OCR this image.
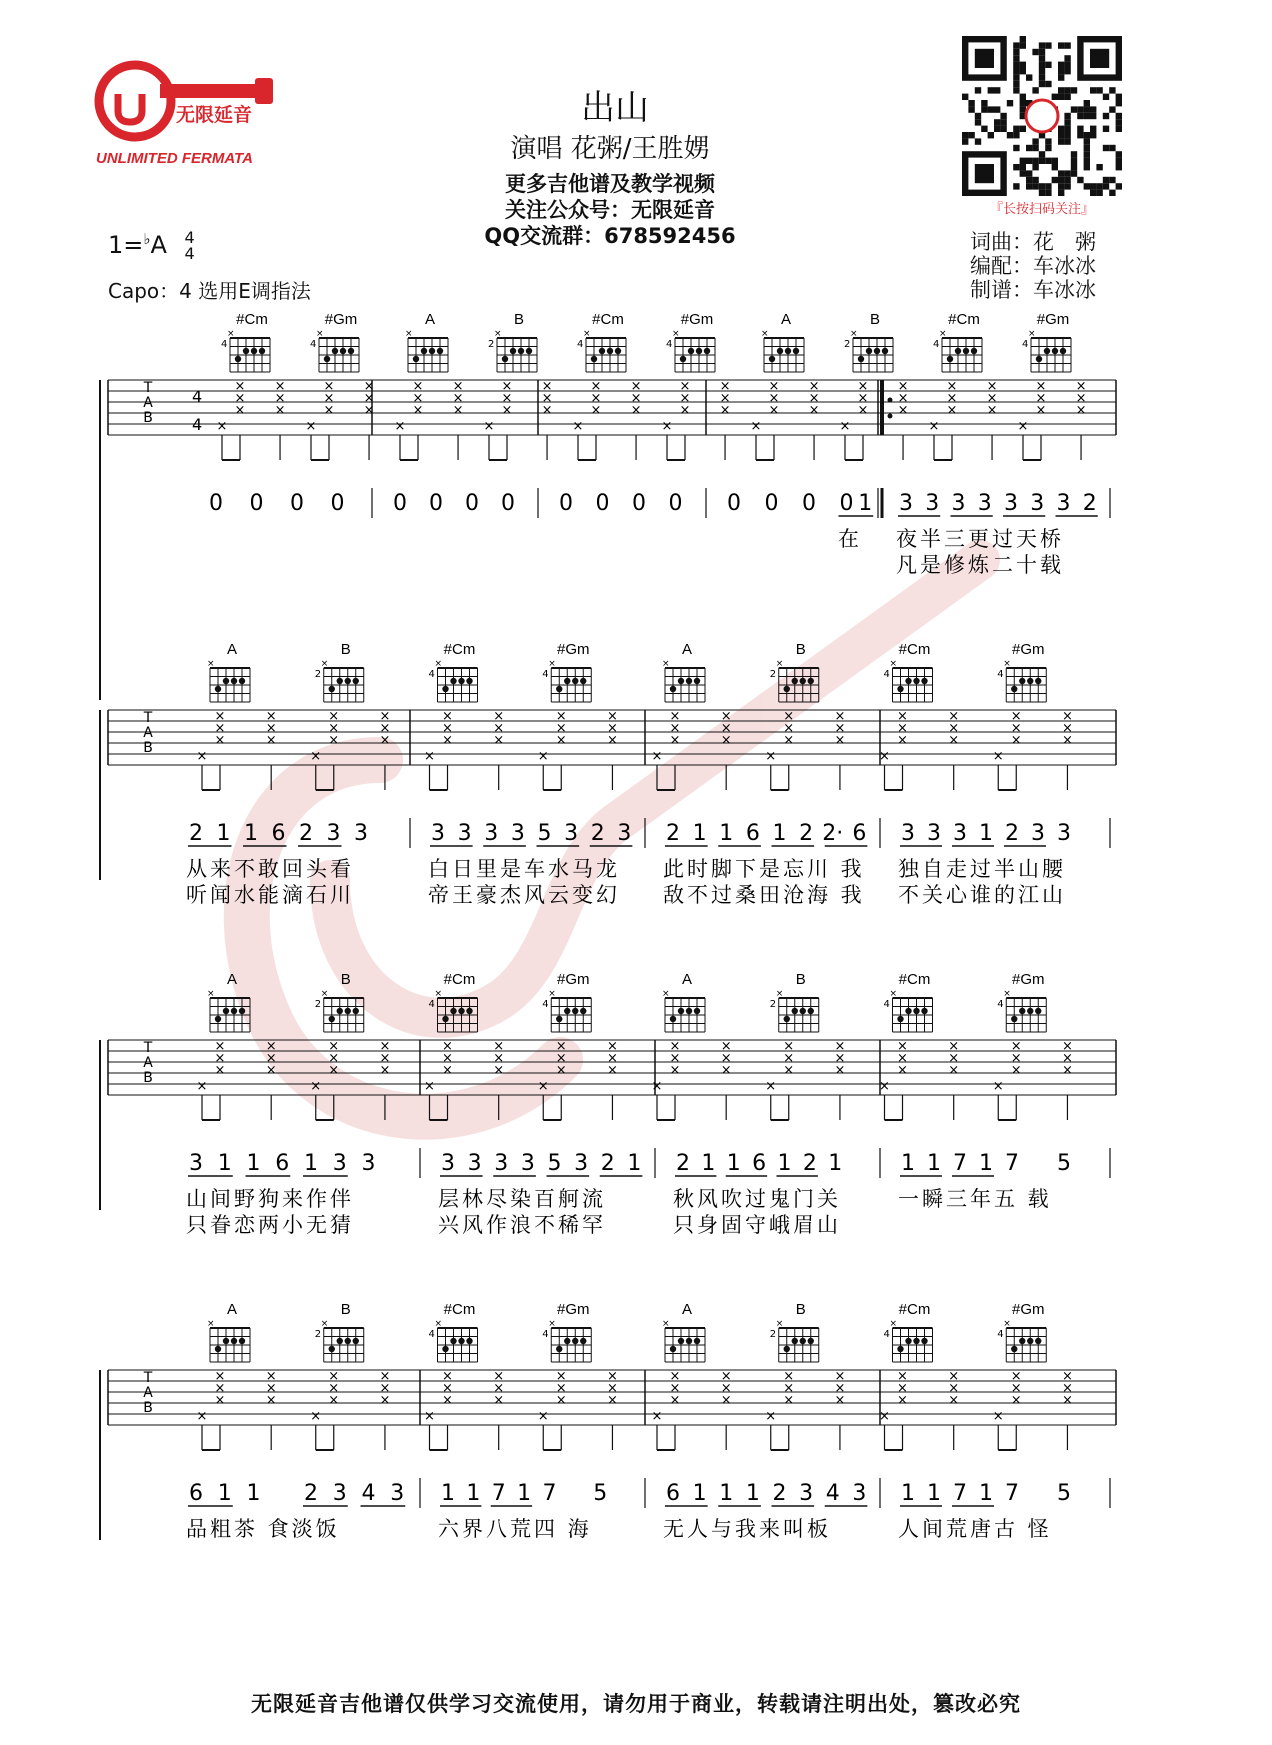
无限延音
UNLIMITED FERMATA
出山
演唱 花粥/王胜娚
更多吉他谱及教学视频
关注公众号：无限延音
QQ交流群：678592456
『长按扫码关注』
1=♭A 4
4
Capo：4 选用E调指法
词曲：花　粥
编配：车冰冰
制谱：车冰冰
T
A
B
4
4
#Cm
4
×
×
×
×
×
×
×
×
#Gm
4
×
×
×
×
×
×
×
×
A
×
×
×
×
×
×
×
×
B
2
×
×
×
×
×
×
×
×
#Cm
4
×
×
×
×
×
×
×
×
#Gm
4
×
×
×
×
×
×
×
×
A
×
×
×
×
×
×
×
×
B
2
×
×
×
×
×
×
×
×
#Cm
4
×
×
×
×
×
×
×
×
#Gm
4
×
×
×
×
×
×
×
×
0 0 0 0 0 0 0 0 0 0 0 0 0 0 0 0 1
在
3 3 3 3 3 3 3 2
夜半三更过天桥
凡是修炼二十载
T
A
B
A
×
×
×
×
×
×
×
×
B
2
×
×
×
×
×
×
×
×
#Cm
4
×
×
×
×
×
×
×
×
#Gm
4
×
×
×
×
×
×
×
×
A
×
×
×
×
×
×
×
×
B
2
×
×
×
×
×
×
×
×
#Cm
4
×
×
×
×
×
×
×
×
#Gm
4
×
×
×
×
×
×
×
×
2 1 1 6 2 3 3
从来不敢回头看
听闻水能滴石川
3 3 3 3 5 3 2 3
白日里是车水马龙
帝王豪杰风云变幻
2 1 1 6 1 2 2· 6
此时脚下是忘川 我
敌不过桑田沧海 我
3 3 3 1 2 3 3
独自走过半山腰
不关心谁的江山
T
A
B
A
×
×
×
×
×
×
×
×
B
2
×
×
×
×
×
×
×
×
#Cm
4
×
×
×
×
×
×
×
×
#Gm
4
×
×
×
×
×
×
×
×
A
×
×
×
×
×
×
×
×
B
2
×
×
×
×
×
×
×
×
#Cm
4
×
×
×
×
×
×
×
×
#Gm
4
×
×
×
×
×
×
×
×
3 1 1 6 1 3 3
山间野狗来作伴
只眷恋两小无猜
3 3 3 3 5 3 2 1
层林尽染百舸流
兴风作浪不稀罕
2 1 1 6 1 2 1
秋风吹过鬼门关
只身固守峨眉山
1 1 7 1 7 5
一瞬三年五 载
T
A
B
A
×
×
×
×
×
×
×
×
B
2
×
×
×
×
×
×
×
×
#Cm
4
×
×
×
×
×
×
×
×
#Gm
4
×
×
×
×
×
×
×
×
A
×
×
×
×
×
×
×
×
B
2
×
×
×
×
×
×
×
×
#Cm
4
×
×
×
×
×
×
×
×
#Gm
4
×
×
×
×
×
×
×
×
6 1 1 2 3 4 3
品粗茶 食淡饭
1 1 7 1 7 5
六界八荒四 海
6 1 1 1 2 3 4 3
无人与我来叫板
1 1 7 1 7 5
人间荒唐古 怪
无限延音吉他谱仅供学习交流使用，请勿用于商业，转载请注明出处，篡改必究
